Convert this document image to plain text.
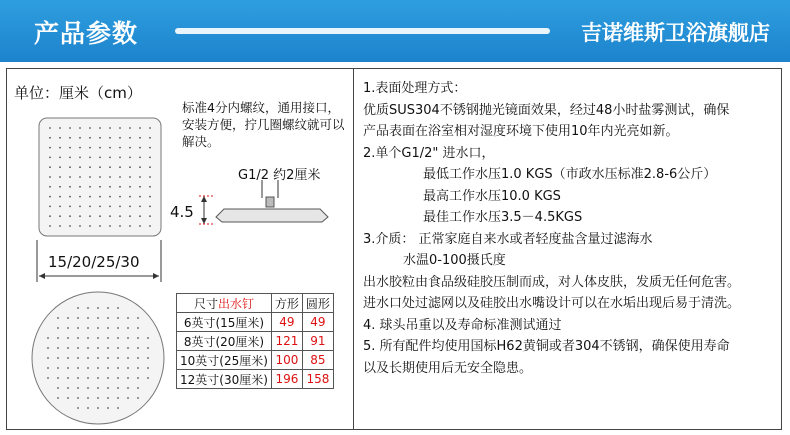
产品参数	吉诺维斯卫浴旗舰店
单位：厘米（cm）
标准4分内螺纹，通用接口，安装方便，拧几圈螺纹就可以解决。
G1/2 约2厘米
4.5
15/20/25/30
尺寸出水钉	方形	圆形
6英寸(15厘米)	49	49
8英寸(20厘米)	121	91
10英寸(25厘米)	100	85
12英寸(30厘米)	196	158
1.表面处理方式：
优质SUS304不锈钢抛光镜面效果，经过48小时盐雾测试，确保
产品表面在浴室相对湿度环境下使用10年内光亮如新。
2.单个G1/2" 进水口，
最低工作水压1.0 KGS（市政水压标准2.8-6公斤）
最高工作水压10.0 KGS
最佳工作水压3.5－4.5KGS
3.介质： 正常家庭自来水或者轻度盐含量过滤海水
水温0-100摄氏度
出水胶粒由食品级硅胶压制而成，对人体皮肤，发质无任何危害。
进水口处过滤网以及硅胶出水嘴设计可以在水垢出现后易于清洗。
4. 球头吊重以及寿命标准测试通过
5. 所有配件均使用国标H62黄铜或者304不锈钢，确保使用寿命
以及长期使用后无安全隐患。
